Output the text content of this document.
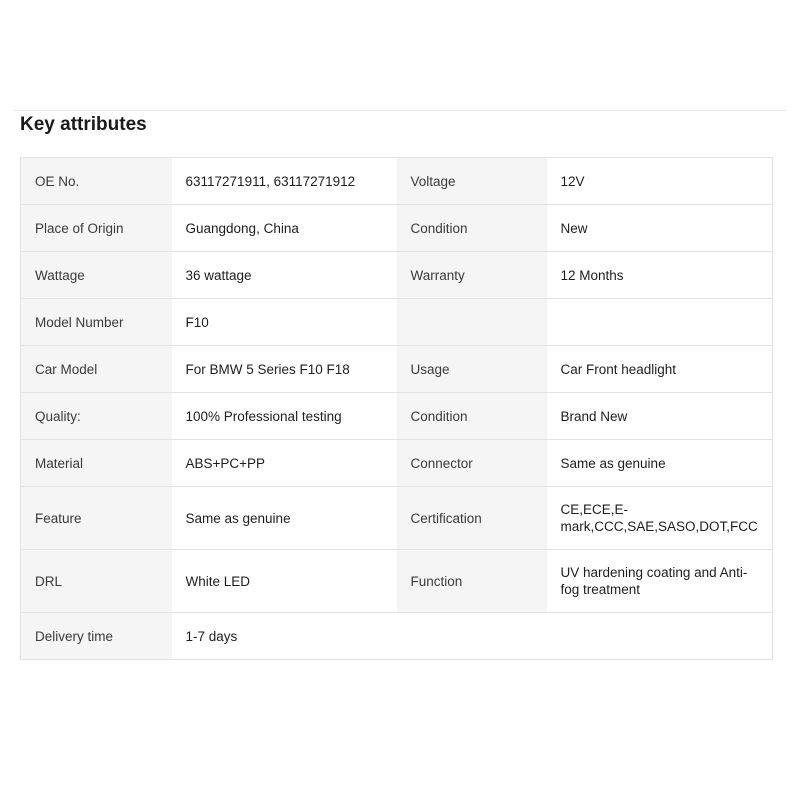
Key attributes
OE No.	63117271911, 63117271912	Voltage	12V
Place of Origin	Guangdong, China	Condition	New
Wattage	36 wattage	Warranty	12 Months
Model Number	F10		
Car Model	For BMW 5 Series F10 F18	Usage	Car Front headlight
Quality:	100% Professional testing	Condition	Brand New
Material	ABS+PC+PP	Connector	Same as genuine
Feature	Same as genuine	Certification	CE,ECE,E-mark,CCC,SAE,SASO,DOT,FCC
DRL	White LED	Function	UV hardening coating and Anti-fog treatment
Delivery time	1-7 days		
